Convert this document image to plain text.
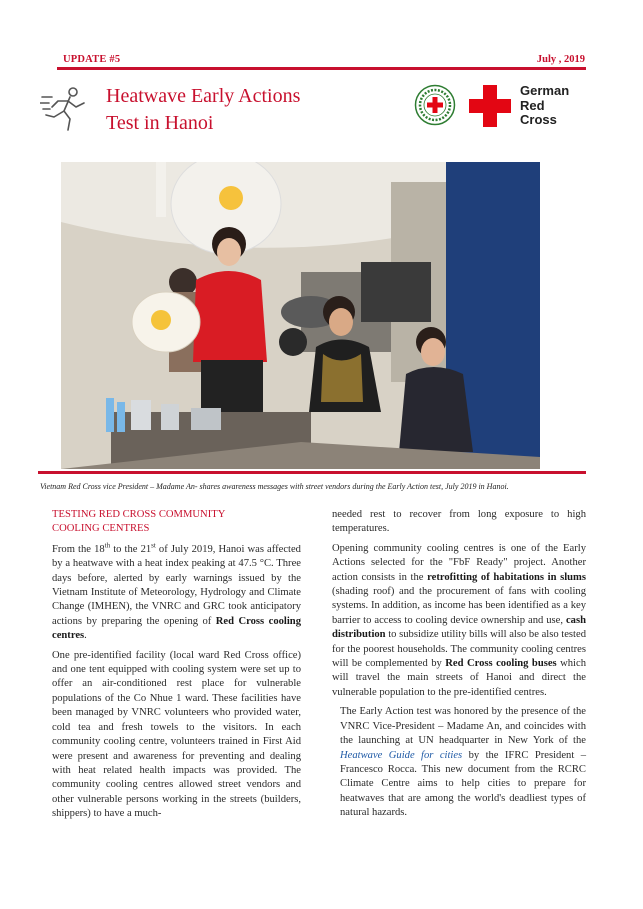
UPDATE #5	July , 2019
Heatwave Early Actions
Test in Hanoi
German
Red
Cross
Vietnam Red Cross vice President – Madame An- shares awareness messages with street vendors during the Early Action test, July 2019 in Hanoi.
TESTING RED CROSS COMMUNITY
COOLING CENTRES

From the 18th to the 21st of July 2019, Hanoi was affected by a heatwave with a heat index peaking at 47.5 °C. Three days before, alerted by early warnings issued by the Vietnam Institute of Meteorology, Hydrology and Climate Change (IMHEN), the VNRC and GRC took anticipatory actions by preparing the opening of Red Cross cooling centres.

One pre-identified facility (local ward Red Cross office) and one tent equipped with cooling system were set up to offer an air-conditioned rest place for vulnerable populations of the Co Nhue 1 ward. These facilities have been managed by VNRC volunteers who provided water, cold tea and fresh towels to the visitors. In each community cooling centre, volunteers trained in First Aid were present and awareness for preventing and dealing with heat related health impacts was provided. The community cooling centres allowed street vendors and other vulnerable persons working in the streets (builders, shippers) to have a much-

needed rest to recover from long exposure to high temperatures.

Opening community cooling centres is one of the Early Actions selected for the "FbF Ready" project. Another action consists in the retrofitting of habitations in slums (shading roof) and the procurement of fans with cooling systems. In addition, as income has been identified as a key barrier to access to cooling device ownership and use, cash distribution to subsidize utility bills will also be also tested for the poorest households. The community cooling centres will be complemented by Red Cross cooling buses which will travel the main streets of Hanoi and direct the vulnerable population to the pre-identified centres.

The Early Action test was honored by the presence of the VNRC Vice-President – Madame An, and coincides with the launching at UN headquarter in New York of the Heatwave Guide for cities by the IFRC President – Francesco Rocca. This new document from the RCRC Climate Centre aims to help cities to prepare for heatwaves that are among the world's deadliest types of natural hazards.
